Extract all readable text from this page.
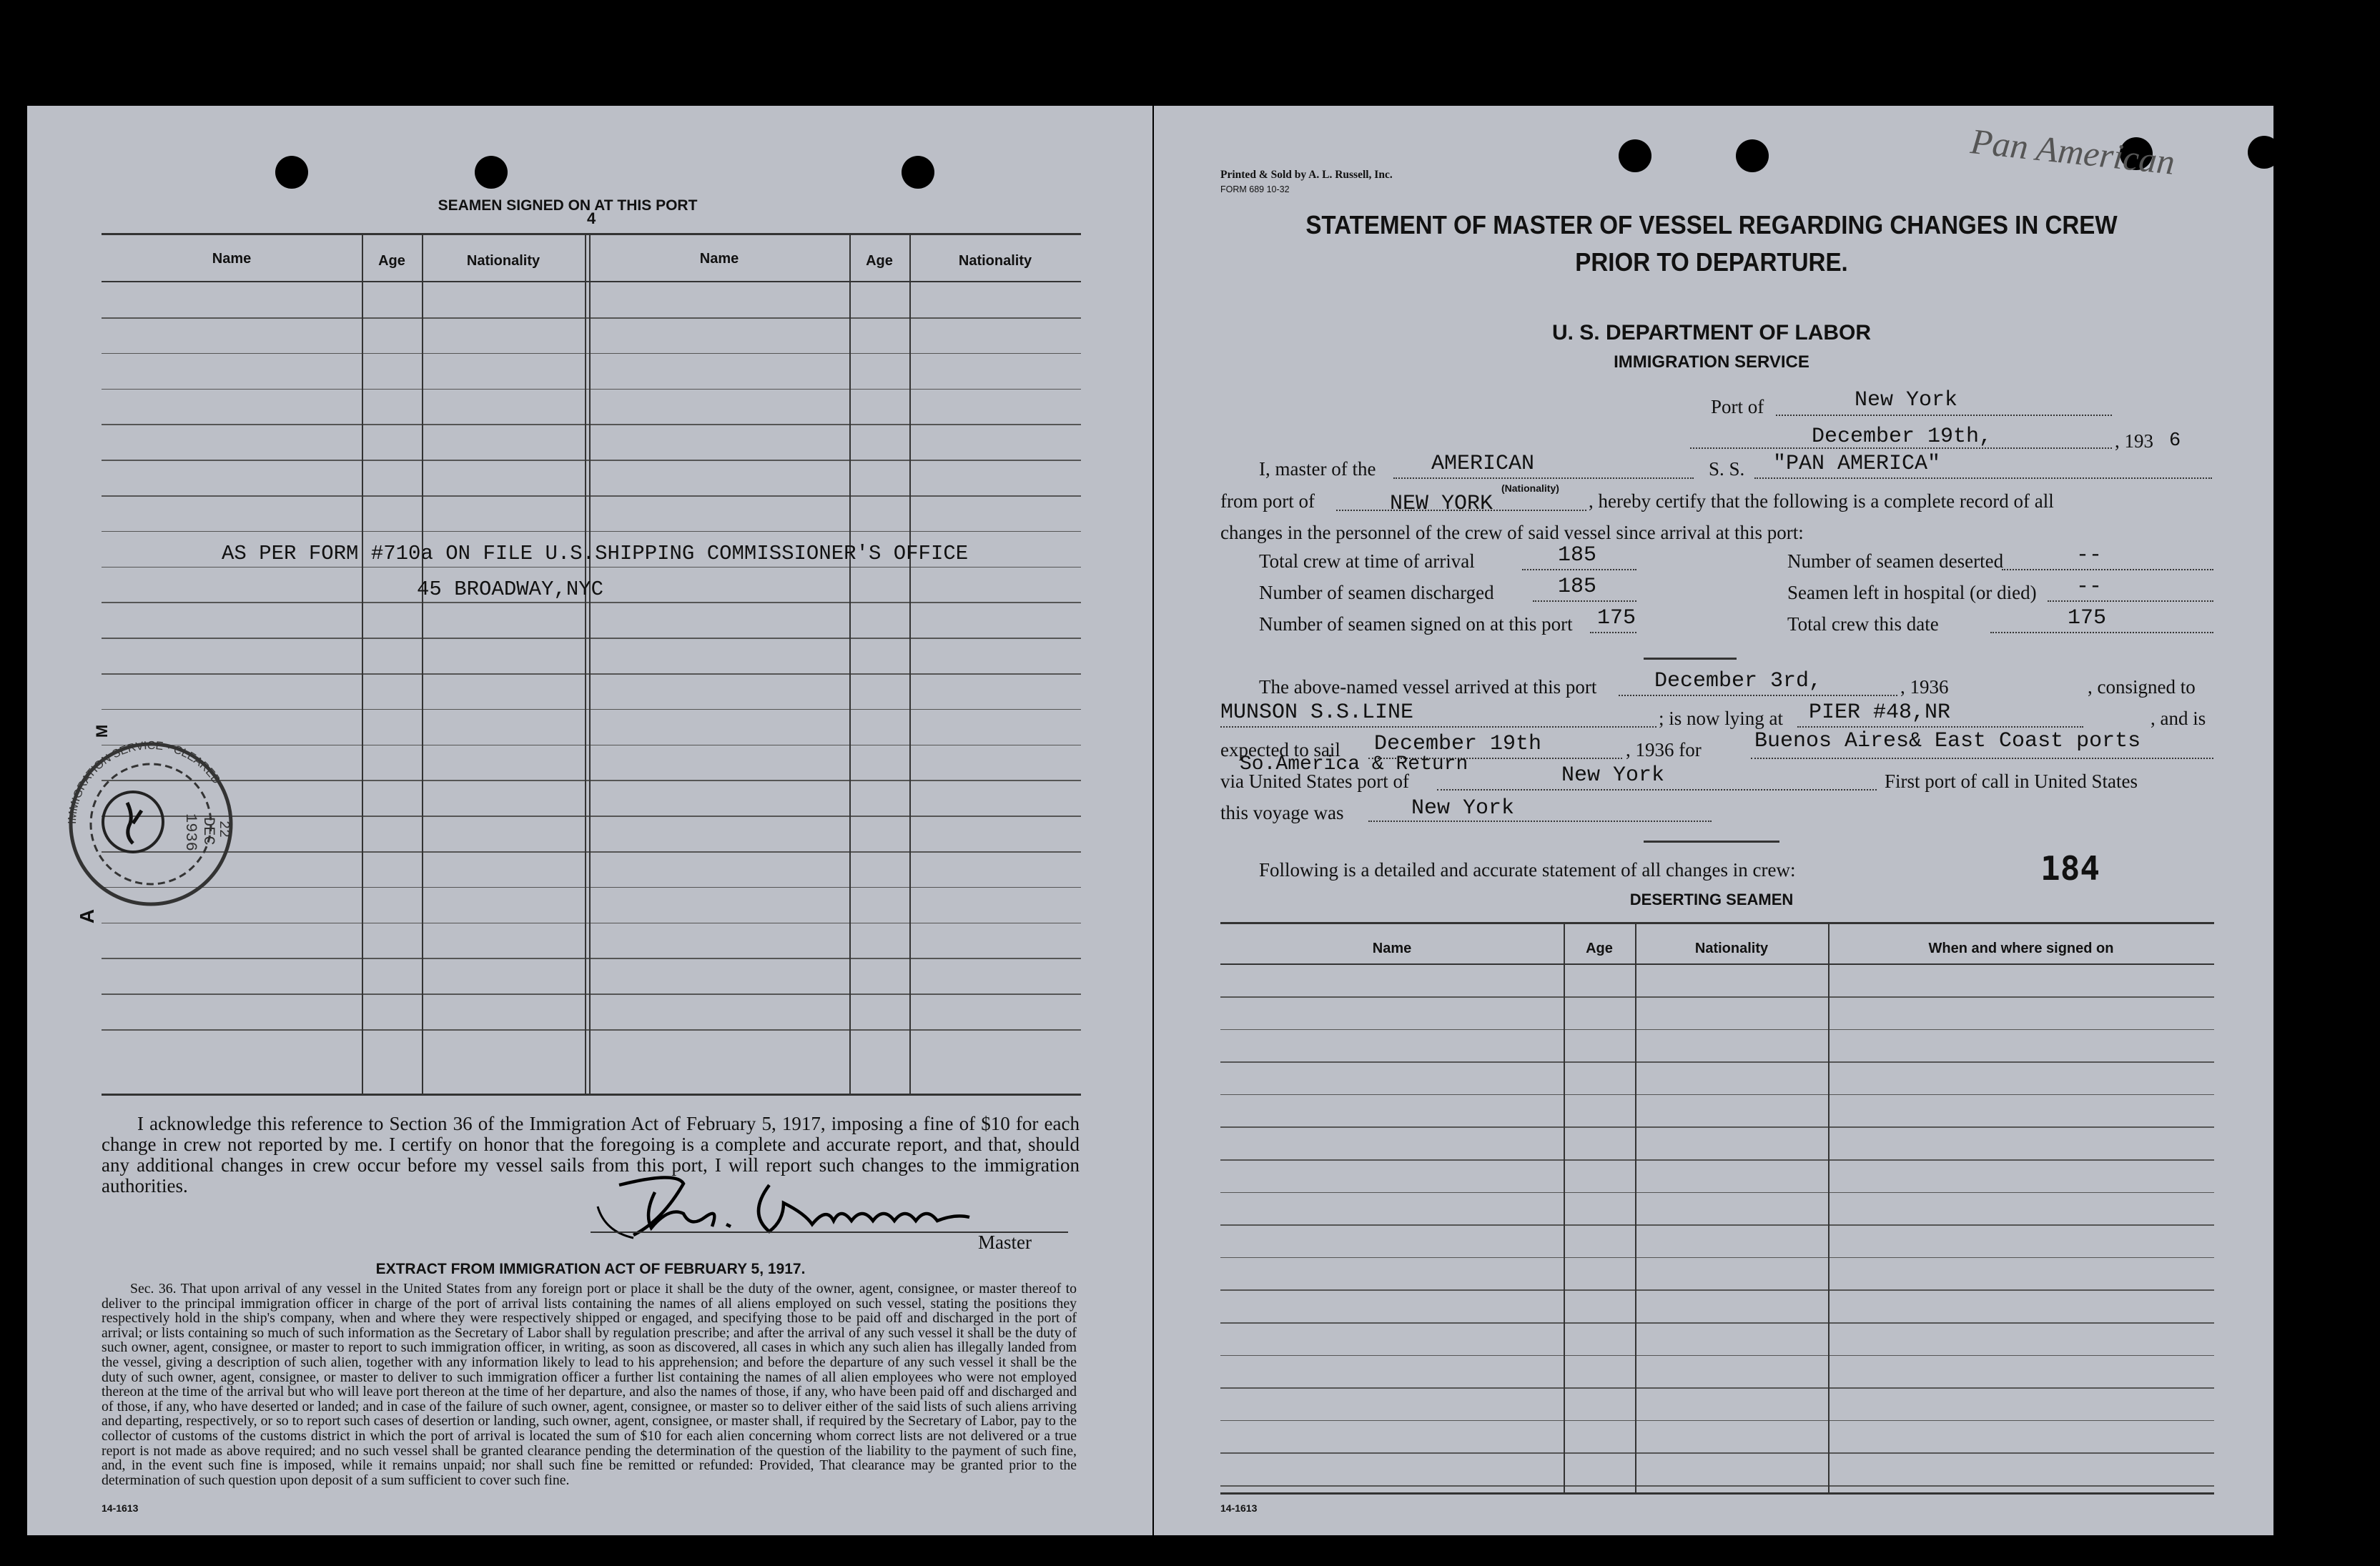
4
SEAMEN SIGNED ON AT THIS PORT
Name	Age	Nationality	Name	Age	Nationality
AS PER FORM #710a ON FILE U.S.SHIPPING COMMISSIONER'S OFFICE
45 BROADWAY,NYC
A
M
1936 DEC
22
IMMIGRATION SERVICE · CLEARED
I acknowledge this reference to Section 36 of the Immigration Act of February 5, 1917, imposing a fine of $10 for each change in crew not reported by me. I certify on honor that the foregoing is a complete and accurate report, and that, should any additional changes in crew occur before my vessel sails from this port, I will report such changes to the immigration authorities.
Master
EXTRACT FROM IMMIGRATION ACT OF FEBRUARY 5, 1917.
Sec. 36. That upon arrival of any vessel in the United States from any foreign port or place it shall be the duty of the owner, agent, consignee, or master thereof to deliver to the principal immigration officer in charge of the port of arrival lists containing the names of all aliens employed on such vessel, stating the positions they respectively hold in the ship's company, when and where they were respectively shipped or engaged, and specifying those to be paid off and discharged in the port of arrival; or lists containing so much of such information as the Secretary of Labor shall by regulation prescribe; and after the arrival of any such vessel it shall be the duty of such owner, agent, consignee, or master to report to such immigration officer, in writing, as soon as discovered, all cases in which any such alien has illegally landed from the vessel, giving a description of such alien, together with any information likely to lead to his apprehension; and before the departure of any such vessel it shall be the duty of such owner, agent, consignee, or master to deliver to such immigration officer a further list containing the names of all alien employees who were not employed thereon at the time of the arrival but who will leave port thereon at the time of her departure, and also the names of those, if any, who have been paid off and discharged and of those, if any, who have deserted or landed; and in case of the failure of such owner, agent, consignee, or master so to deliver either of the said lists of such aliens arriving and departing, respectively, or so to report such cases of desertion or landing, such owner, agent, consignee, or master shall, if required by the Secretary of Labor, pay to the collector of customs of the customs district in which the port of arrival is located the sum of $10 for each alien concerning whom correct lists are not delivered or a true report is not made as above required; and no such vessel shall be granted clearance pending the determination of the question of the liability to the payment of such fine, and, in the event such fine is imposed, while it remains unpaid; nor shall such fine be remitted or refunded: Provided, That clearance may be granted prior to the determination of such question upon deposit of a sum sufficient to cover such fine.
14-1613
Printed & Sold by A. L. Russell, Inc.
FORM 689 10-32
Pan American
STATEMENT OF MASTER OF VESSEL REGARDING CHANGES IN CREW
PRIOR TO DEPARTURE.
U. S. DEPARTMENT OF LABOR
IMMIGRATION SERVICE
Port of	New York
December 19th,	, 193 6
I, master of the	AMERICAN
(Nationality)
S. S. "PAN AMERICA"
from port of	NEW YORK	, hereby certify that the following is a complete record of all
changes in the personnel of the crew of said vessel since arrival at this port:
Total crew at time of arrival	185
Number of seamen discharged	185
Number of seamen signed on at this port 175
Number of seamen deserted	--
Seamen left in hospital (or died) --
Total crew this date	175
The above-named vessel arrived at this port	December 3rd,	, 1936	, consigned to
MUNSON S.S.LINE	; is now lying at PIER #48,NR	, and is
expected to sail December 19th	, 1936 for Buenos Aires& East Coast ports
So.America & Return
via United States port of	New York	First port of call in United States
this voyage was	New York
Following is a detailed and accurate statement of all changes in crew:	184
DESERTING SEAMEN
Name	Age	Nationality	When and where signed on
14-1613
